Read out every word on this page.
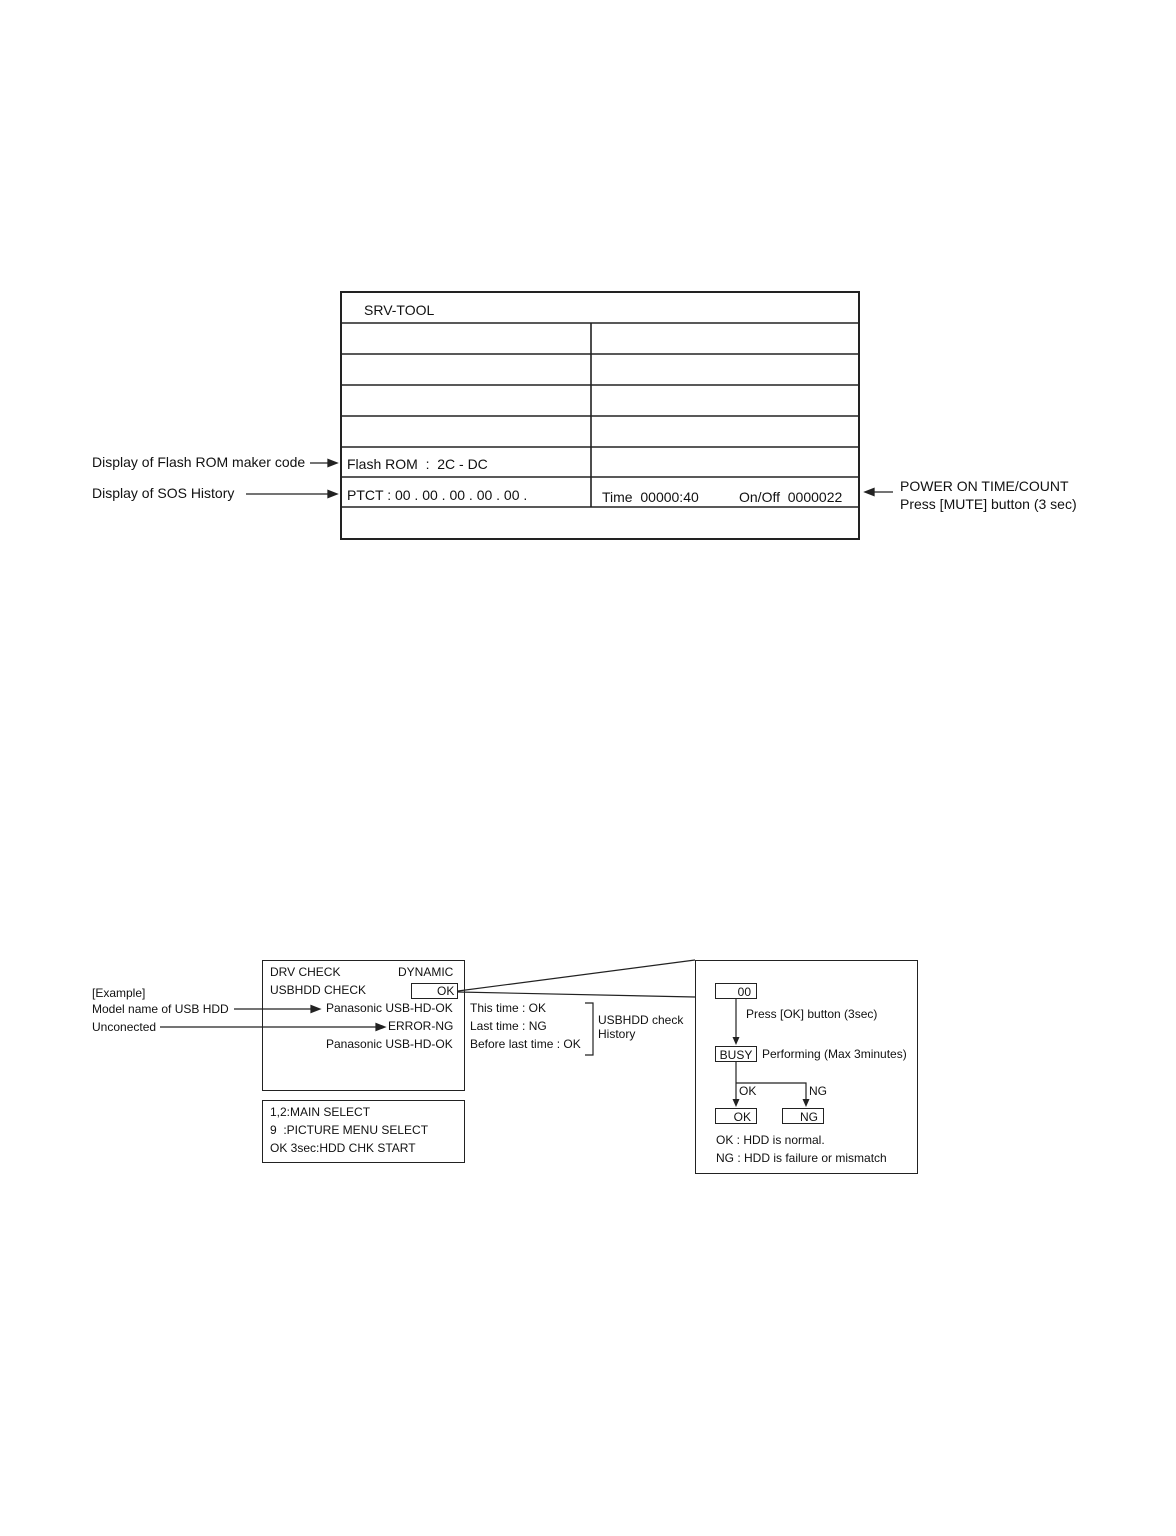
SRV-TOOL
Flash ROM  :  2C - DC
PTCT : 00 . 00 . 00 . 00 . 00 .	Time  00000:40	On/Off  0000022
Display of Flash ROM maker code
Display of SOS History	POWER ON TIME/COUNT
Press [MUTE] button (3 sec)
DRV CHECK	DYNAMIC
USBHDD CHECK	OK
Panasonic USB-HD-OK
ERROR-NG
Panasonic USB-HD-OK
This time : OK
Last time : NG
Before last time : OK
USBHDD check
History
1,2:MAIN SELECT
9  :PICTURE MENU SELECT
OK 3sec:HDD CHK START
[Example]
Model name of USB HDD
Unconected
00
Press [OK] button (3sec)
BUSY Performing (Max 3minutes)
OK	NG
OK	NG
OK : HDD is normal.
NG : HDD is failure or mismatch
